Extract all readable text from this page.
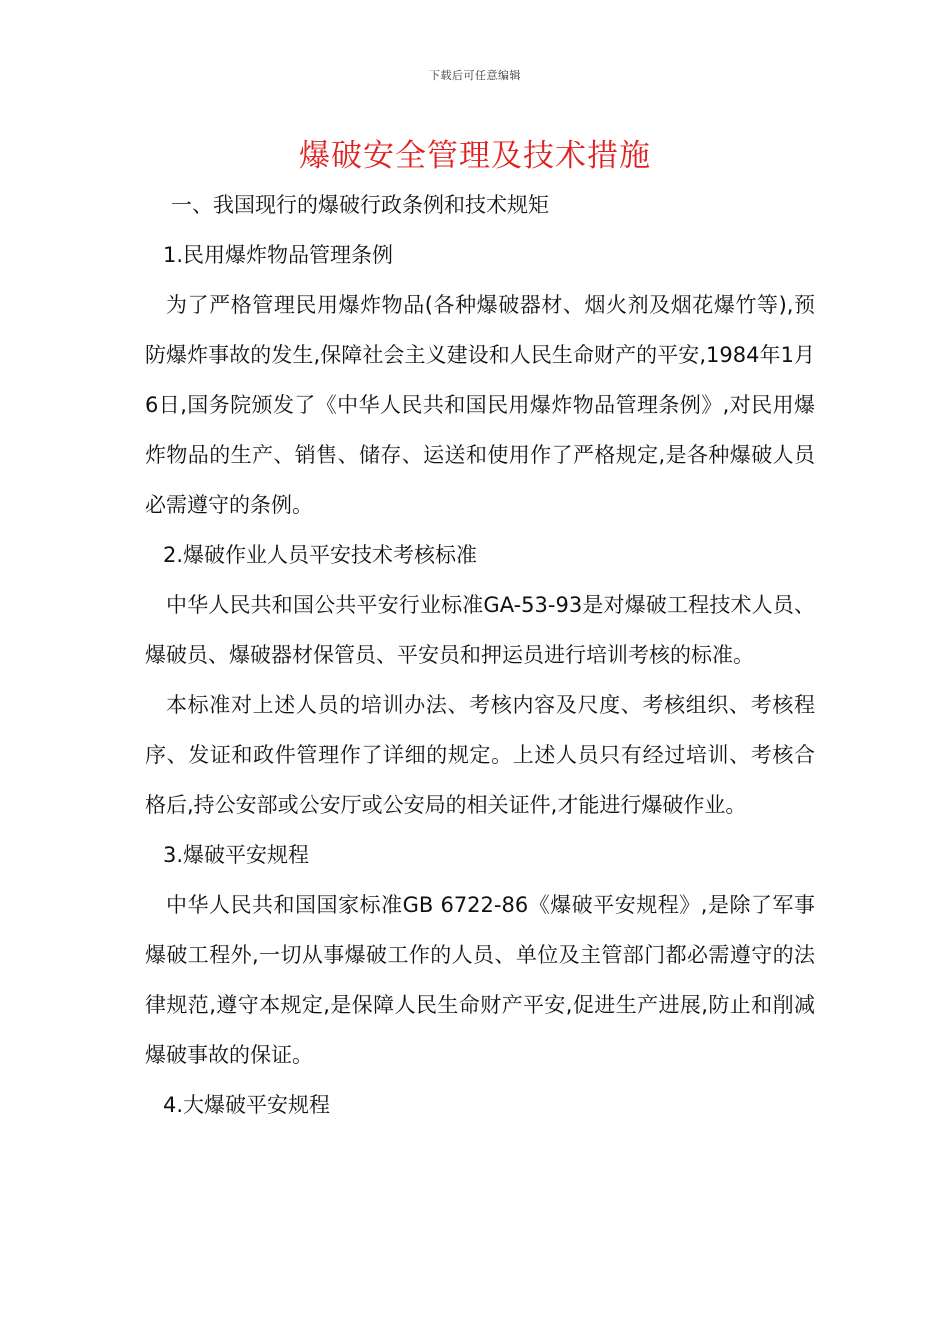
下载后可任意编辑
爆破安全管理及技术措施

一、我国现行的爆破行政条例和技术规矩

1.民用爆炸物品管理条例

为了严格管理民用爆炸物品(各种爆破器材、烟火剂及烟花爆竹等),预防爆炸事故的发生,保障社会主义建设和人民生命财产的平安,1984年1月6日,国务院颁发了《中华人民共和国民用爆炸物品管理条例》,对民用爆炸物品的生产、销售、储存、运送和使用作了严格规定,是各种爆破人员必需遵守的条例。

2.爆破作业人员平安技术考核标准

中华人民共和国公共平安行业标准GA-53-93是对爆破工程技术人员、爆破员、爆破器材保管员、平安员和押运员进行培训考核的标准。

本标准对上述人员的培训办法、考核内容及尺度、考核组织、考核程序、发证和政件管理作了详细的规定。上述人员只有经过培训、考核合格后,持公安部或公安厅或公安局的相关证件,才能进行爆破作业。

3.爆破平安规程

中华人民共和国国家标准GB 6722-86《爆破平安规程》,是除了军事爆破工程外,一切从事爆破工作的人员、单位及主管部门都必需遵守的法律规范,遵守本规定,是保障人民生命财产平安,促进生产进展,防止和削减爆破事故的保证。

4.大爆破平安规程
